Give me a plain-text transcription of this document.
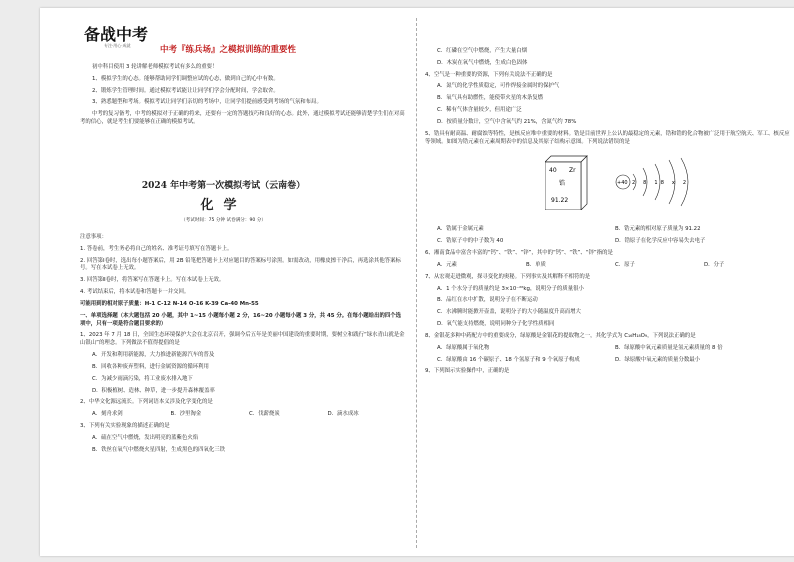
备战中考
专注·用心·成就	中考『练兵场』之模拟训练的重要性

初中科目使用 3 轮讲解老师模拟考试有多么的重要！

1、模拟学生的心态。能够帮助同学们调整应试的心态，做到自己的心中有数。

2、锻炼学生管理时间。通过模拟考试能让让同学们学会分配时间，学会取舍。

3、熟悉题型和考场。模拟考试让同学们亲切的考场中，让同学们提前感受到考场的气氛和布局。

中考的复习备考，中考的模拟对于正确的将来，还要有一定的答题技巧和良好的心态。此外，通过模拟考试还能够清楚学生们在对高考的信心，就是考生们要能够在正确的模拟考试。

2024 年中考第一次模拟考试（云南卷）
化学
（考试时间：75 分钟 试卷满分：90 分）

注意事项：

1. 答卷前，考生务必将自己的姓名、准考证号填写在答题卡上。

2. 回答第Ⅰ卷时，选出每小题答案后，用 2B 铅笔把答题卡上对应题目的答案标号涂黑。如需改动，用橡皮擦干净后，再选涂其他答案标号。写在本试卷上无效。

3. 回答第Ⅱ卷时，将答案写在答题卡上。写在本试卷上无效。

4. 考试结束后，将本试卷和答题卡一并交回。

可能用到的相对原子质量：H-1 C-12 N-14 O-16 K-39 Ca-40 Mn-55

一、单项选择题（本大题包括 20 小题，其中 1~15 小题每小题 2 分，16~20 小题每小题 3 分，共 45 分。在每小题给出的四个选项中，只有一项是符合题目要求的）

1、2023 年 7 月 18 日，全国生态环境保护大会在北京召开，强调今后五年是美丽中国建设的重要时期，要树立和践行“绿水青山就是金山银山”的理念。下列做法不值得提倡的是

A．开发和利用新能源，大力推进新能源汽车的普及

B．回收各种废弃塑料，进行金属资源的循环利用

C．为减少雨滴污染，将工业废水排入地下

D．积极植树、造林、种草，进一步提升森林覆盖率

2、中华文化源远流长。下列词语本义涉及化学变化的是

A．刻舟求剑	B．沙里淘金	C．伐薪烧炭	D．滴水成冰

3、下列有关实验现象的描述正确的是

A．硫在空气中燃烧，发出明亮的蓝紫色火焰

B．铁丝在氧气中燃烧火星四射，生成黑色的四氧化三铁

C．红磷在空气中燃烧，产生大量白烟

D．木炭在氧气中燃烧，生成白色固体

4、空气是一种重要的资源，下列有关说法不正确的是

A．氮气的化学性质稳定，可作焊接金属时的保护气

B．氧气具有助燃性，能使带火星的木条复燃

C．稀有气体含量较少，但用途广泛

D．按质量分数计，空气中含氧气约 21%，含氮气约 78%

5、锆具有耐高温、耐腐蚀等特性，是核反应堆中重要的材料。锆是目前世界上公认的最稳定的元素，锆和锆的化合物被广泛用于航空航天、军工、核反应等领域。如图为锆元素在元素周期表中的信息及其原子结构示意图。下列说法错误的是

40 Zr
锆
91.22
+40 2 8 18 x 2
A．锆属于金属元素	B．锆元素的相对原子质量为 91.22
C．锆原子中的中子数为 40	D．锆原子在化学反应中容易失去电子

6、湘南食品中富含丰富的“钙”、“铁”、“锌”，其中的“钙”、“铁”、“锌”指的是

A．元素	B．单质	C．原子	D．分子

7、从宏观走进微观，探寻变化的奥秘。下列事实及其解释不相符的是

A．1 个水分子的质量约是 3×10⁻²⁶kg，说明分子的质量很小

B．品红在水中扩散，说明分子在不断运动

C．水沸腾时能掀开壶盖，说明分子的大小随温度升高而增大

D．氧气能支持燃烧，说明同种分子化学性质相同

8、金银花多种中药配方中的重要成分，绿原酸是金银花的提取物之一，其化学式为 C₁₆H₁₈O₉，下列说法正确的是

A．绿原酸属于氧化物	B．绿原酸中氧元素质量是氢元素质量的 8 倍
C．绿原酸由 16 个碳原子、18 个氢原子和 9 个氧原子构成	D．绿原酸中氧元素的质量分数最小

9、下列图示实验操作中，正确的是
